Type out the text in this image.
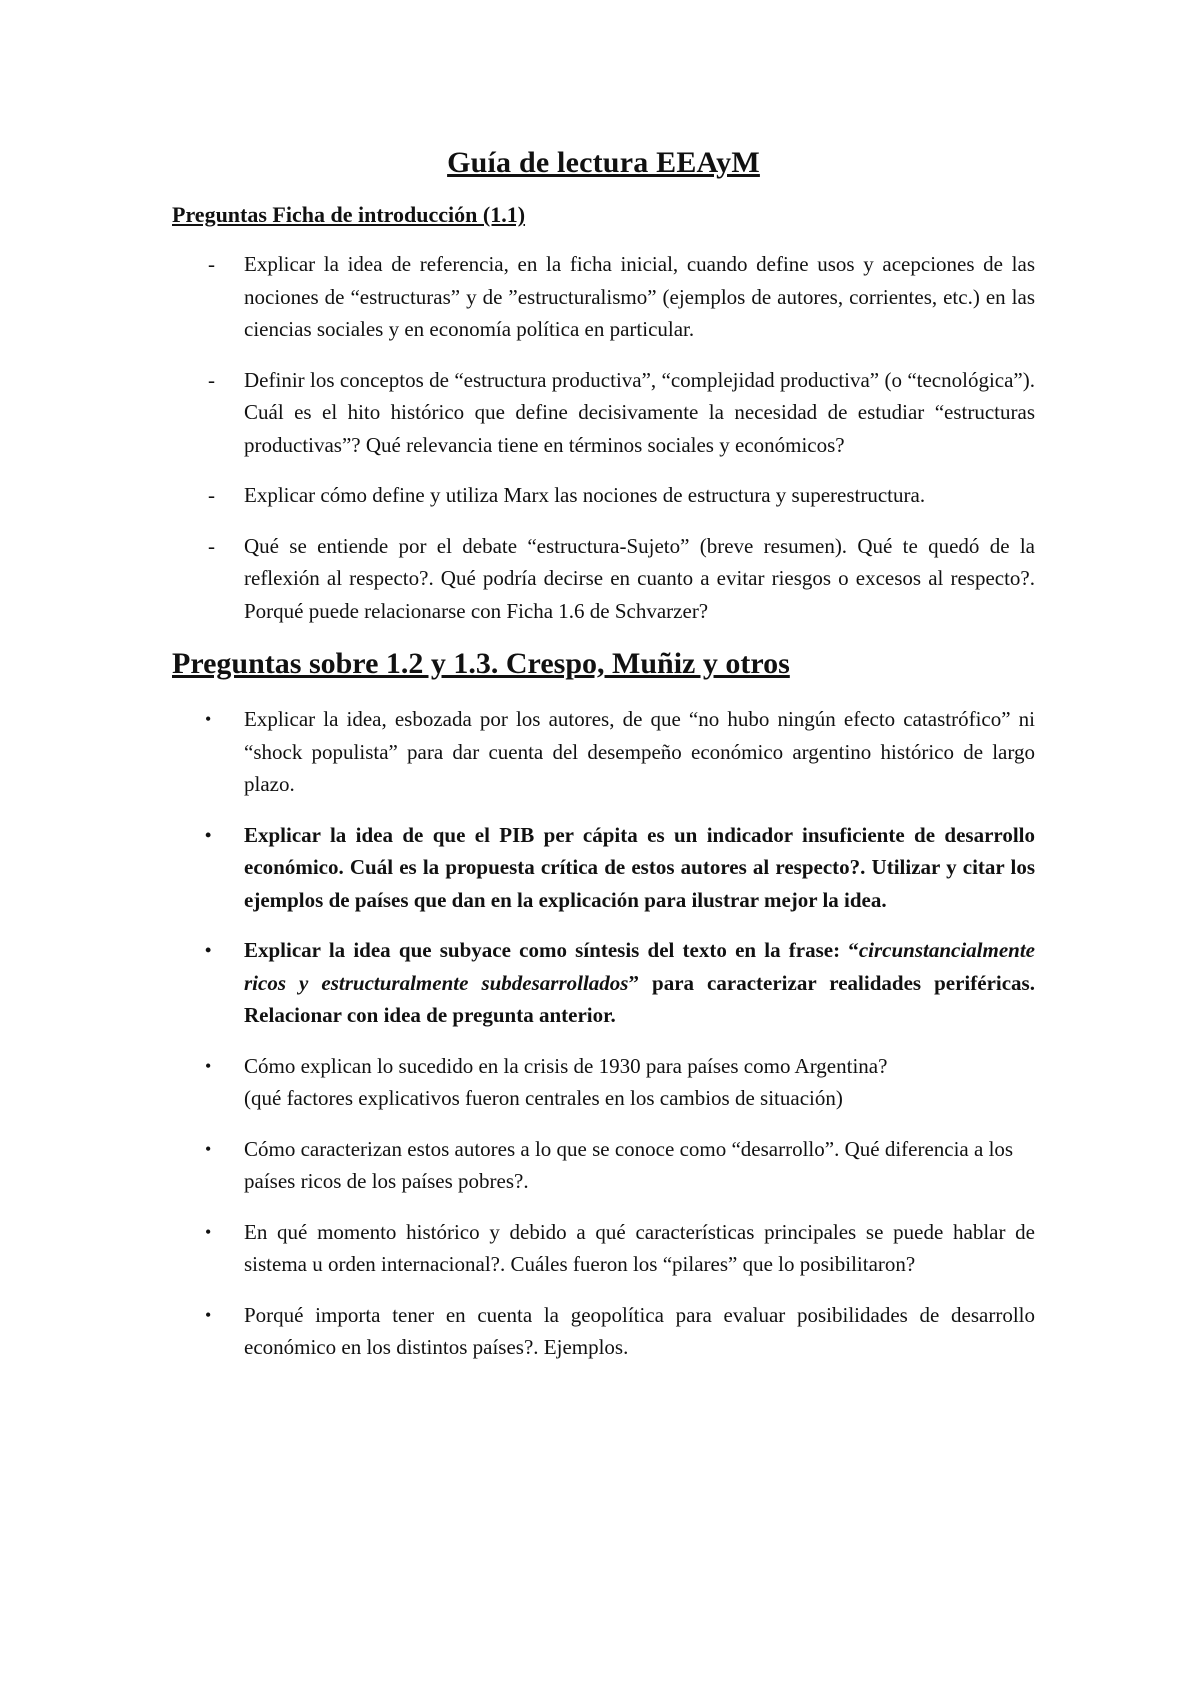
Guía de lectura EEAyM
Preguntas Ficha de introducción (1.1)
- Explicar la idea de referencia, en la ficha inicial, cuando define usos y acepciones de las nociones de “estructuras” y de ”estructuralismo” (ejemplos de autores, corrientes, etc.) en las ciencias sociales y en economía política en particular.
- Definir los conceptos de “estructura productiva”, “complejidad productiva” (o “tecnológica”). Cuál es el hito histórico que define decisivamente la necesidad de estudiar “estructuras productivas”? Qué relevancia tiene en términos sociales y económicos?
- Explicar cómo define y utiliza Marx las nociones de estructura y superestructura.
- Qué se entiende por el debate “estructura-Sujeto” (breve resumen). Qué te quedó de la reflexión al respecto?. Qué podría decirse en cuanto a evitar riesgos o excesos al respecto?. Porqué puede relacionarse con Ficha 1.6 de Schvarzer?
Preguntas sobre 1.2 y 1.3. Crespo, Muñiz y otros
• Explicar la idea, esbozada por los autores, de que “no hubo ningún efecto catastrófico” ni “shock populista” para dar cuenta del desempeño económico argentino histórico de largo plazo.
• Explicar la idea de que el PIB per cápita es un indicador insuficiente de desarrollo económico. Cuál es la propuesta crítica de estos autores al respecto?. Utilizar y citar los ejemplos de países que dan en la explicación para ilustrar mejor la idea.
• Explicar la idea que subyace como síntesis del texto en la frase: “circunstancialmente ricos y estructuralmente subdesarrollados” para caracterizar realidades periféricas. Relacionar con idea de pregunta anterior.
• Cómo explican lo sucedido en la crisis de 1930 para países como Argentina?
(qué factores explicativos fueron centrales en los cambios de situación)
• Cómo caracterizan estos autores a lo que se conoce como “desarrollo”. Qué diferencia a los países ricos de los países pobres?.
• En qué momento histórico y debido a qué características principales se puede hablar de sistema u orden internacional?. Cuáles fueron los “pilares” que lo posibilitaron?
• Porqué importa tener en cuenta la geopolítica para evaluar posibilidades de desarrollo económico en los distintos países?. Ejemplos.
